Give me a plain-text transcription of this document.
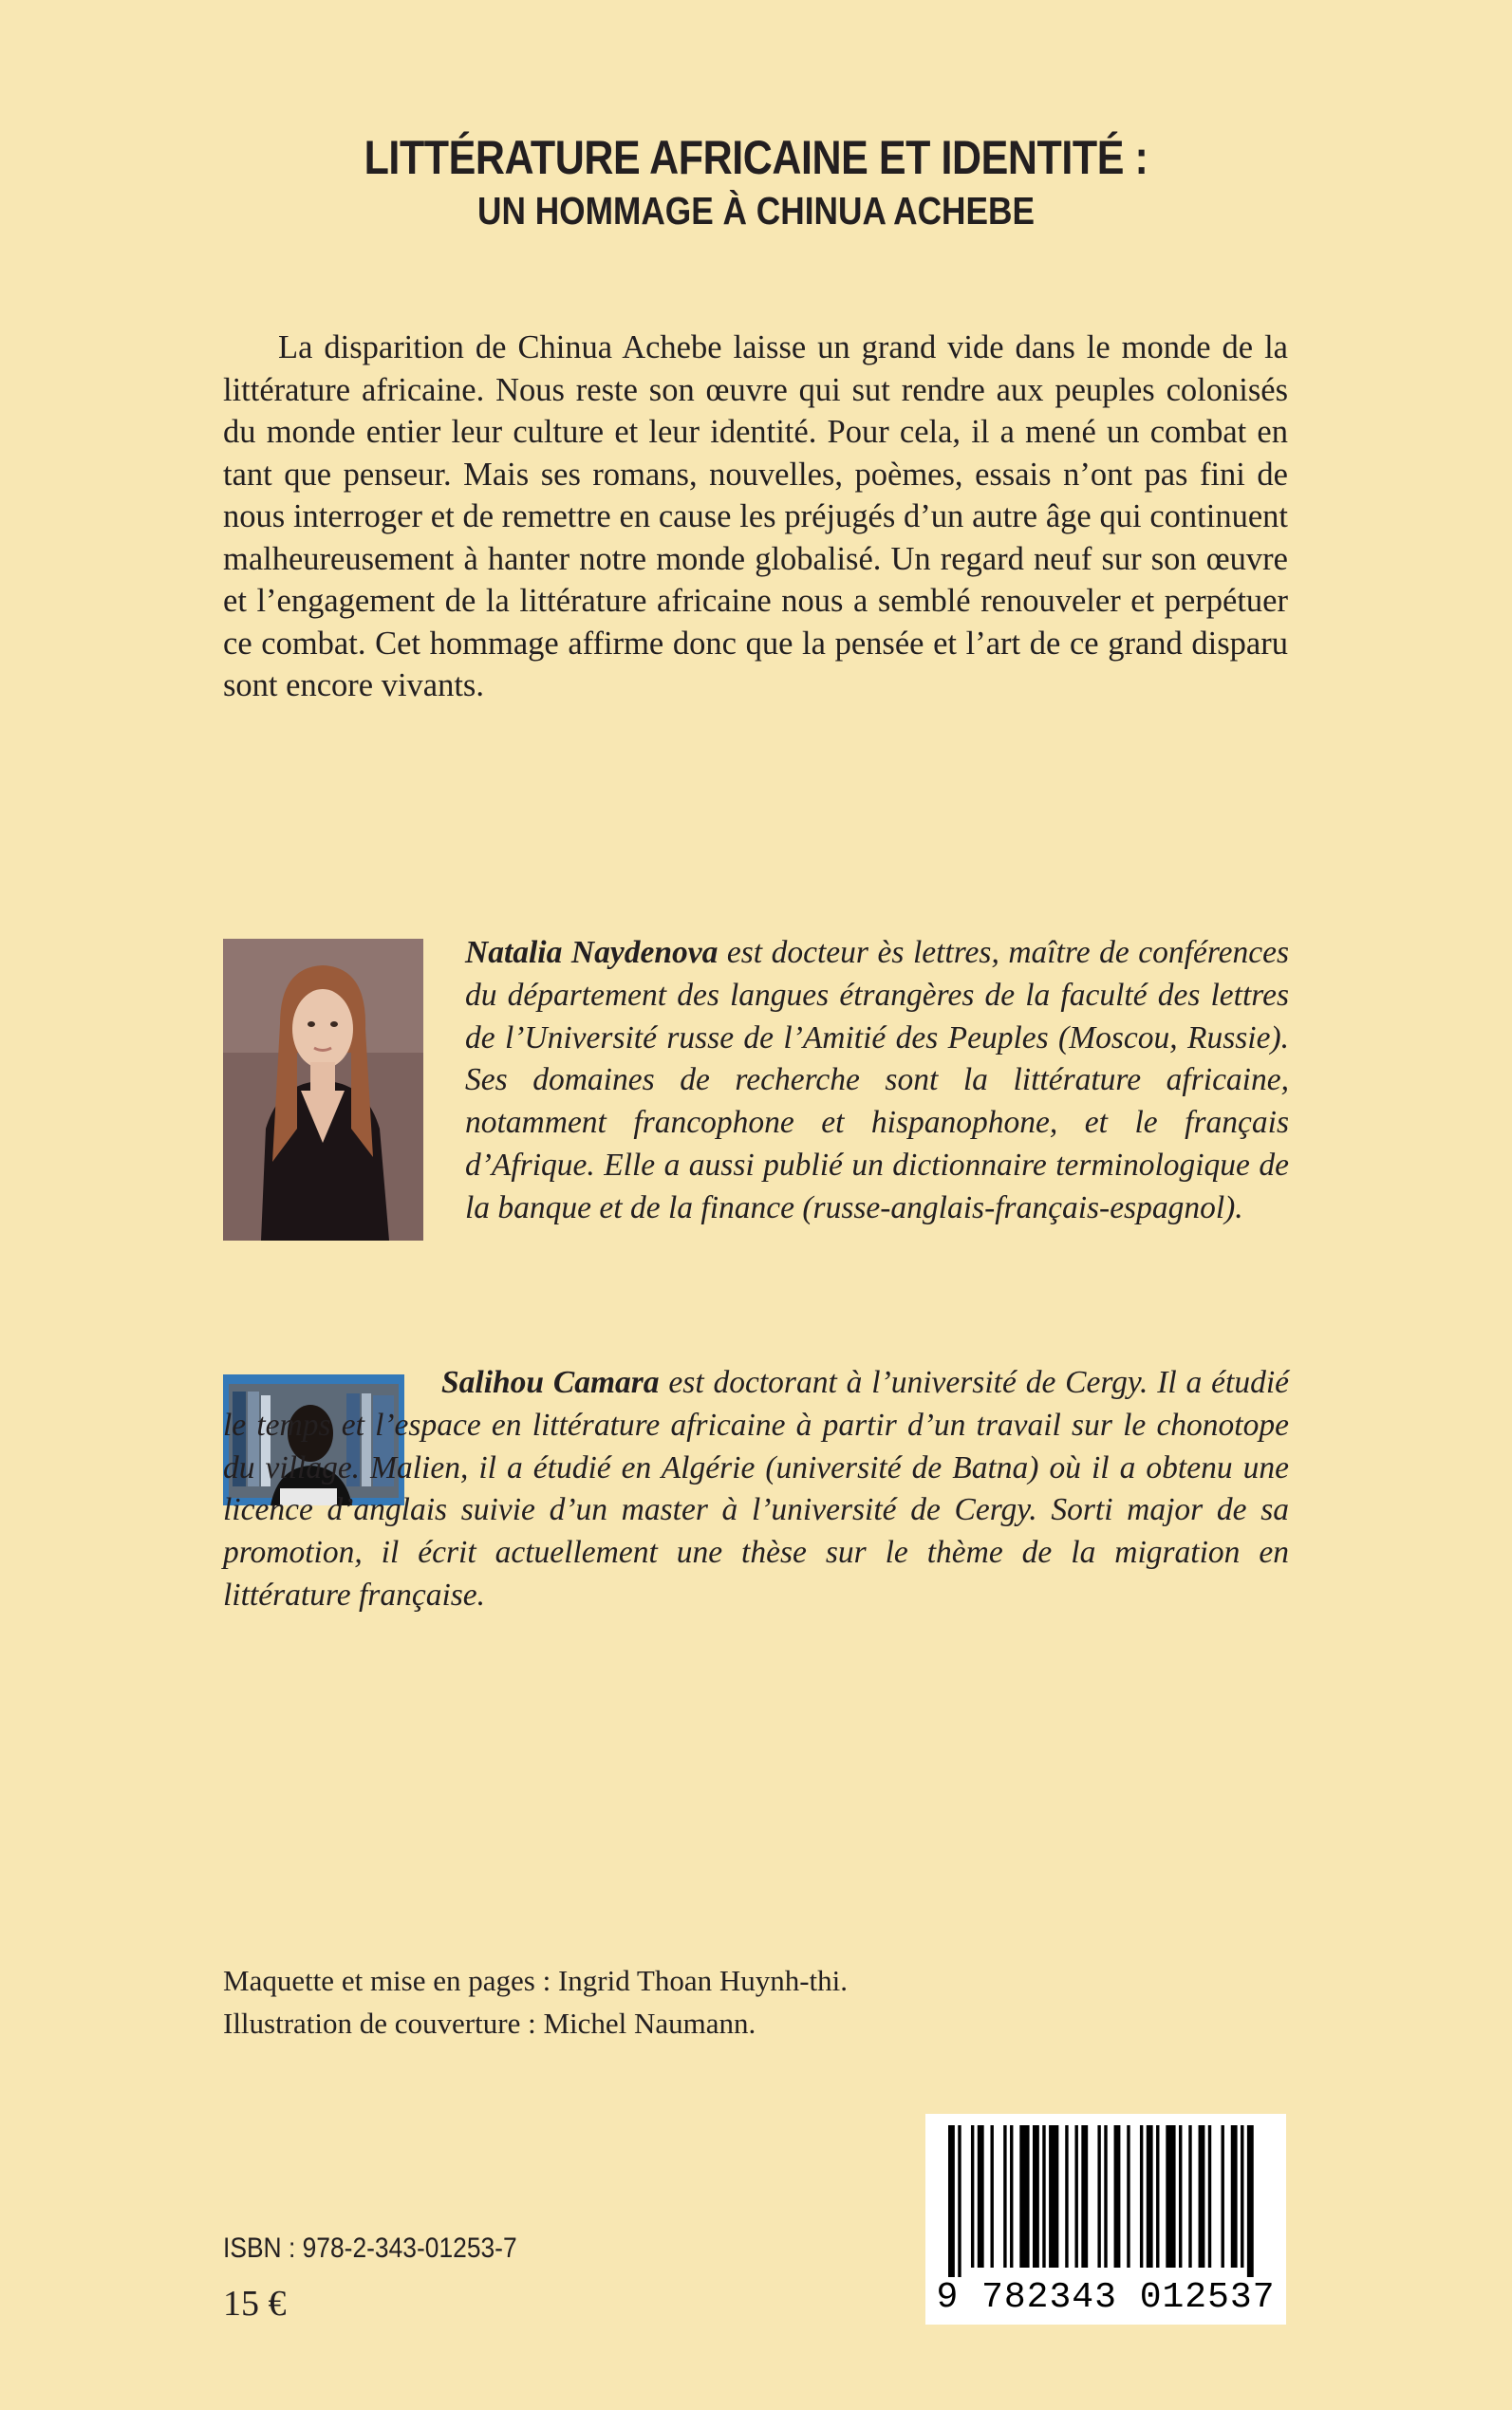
LITTÉRATURE AFRICAINE ET IDENTITÉ :
UN HOMMAGE À CHINUA ACHEBE

La disparition de Chinua Achebe laisse un grand vide dans le monde de la littérature africaine. Nous reste son œuvre qui sut rendre aux peuples colonisés du monde entier leur culture et leur identité. Pour cela, il a mené un combat en tant que penseur. Mais ses romans, nouvelles, poèmes, essais n’ont pas fini de nous interroger et de remettre en cause les préjugés d’un autre âge qui continuent malheureusement à hanter notre monde globalisé. Un regard neuf sur son œuvre et l’engagement de la littérature africaine nous a semblé renouveler et perpétuer ce combat. Cet hommage affirme donc que la pensée et l’art de ce grand disparu sont encore vivants.

Natalia Naydenova est docteur ès lettres, maître de conférences du département des langues étrangères de la faculté des lettres de l’Université russe de l’Amitié des Peuples (Moscou, Russie). Ses domaines de recherche sont la littérature africaine, notamment francophone et hispanophone, et le français d’Afrique. Elle a aussi publié un dictionnaire terminologique de la banque et de la finance (russe-anglais-français-espagnol).

Salihou Camara est doctorant à l’université de Cergy. Il a étudié le temps et l’espace en littérature africaine à partir d’un travail sur le chonotope du village. Malien, il a étudié en Algérie (université de Batna) où il a obtenu une licence d’anglais suivie d’un master à l’université de Cergy. Sorti major de sa promotion, il écrit actuellement une thèse sur le thème de la migration en littérature française.

Maquette et mise en pages : Ingrid Thoan Huynh-thi.
Illustration de couverture : Michel Naumann.
ISBN : 978-2-343-01253-7
15 €	9 782343 012537
